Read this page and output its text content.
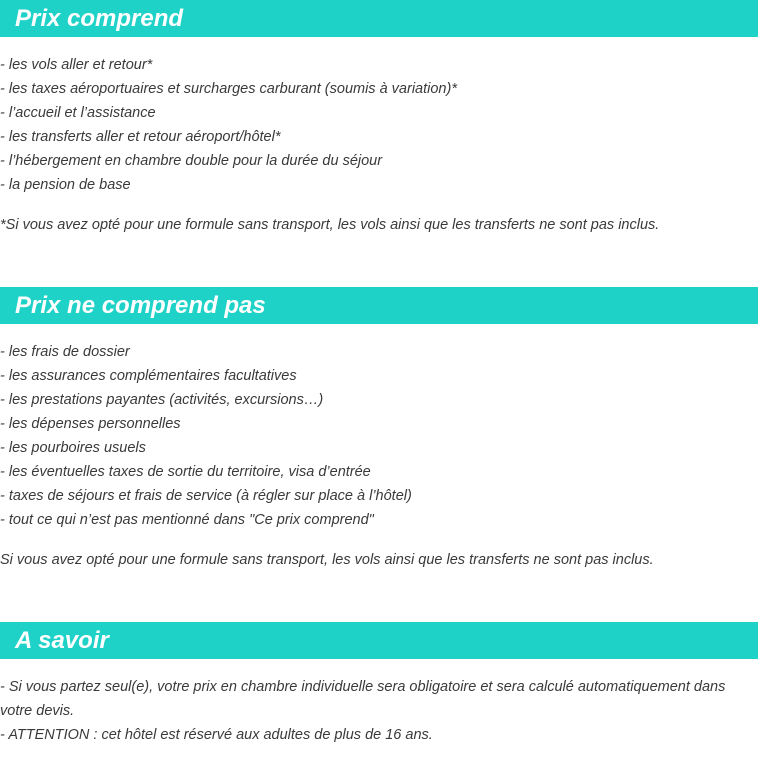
Prix comprend
- les vols aller et retour*
- les taxes aéroportuaires et surcharges carburant (soumis à variation)*
- l’accueil et l’assistance
- les transferts aller et retour aéroport/hôtel*
- l’hébergement en chambre double pour la durée du séjour
- la pension de base

*Si vous avez opté pour une formule sans transport, les vols ainsi que les transferts ne sont pas inclus.

Prix ne comprend pas
- les frais de dossier
- les assurances complémentaires facultatives
- les prestations payantes (activités, excursions…)
- les dépenses personnelles
- les pourboires usuels
- les éventuelles taxes de sortie du territoire, visa d’entrée
- taxes de séjours et frais de service (à régler sur place à l’hôtel)
- tout ce qui n’est pas mentionné dans "Ce prix comprend"

Si vous avez opté pour une formule sans transport, les vols ainsi que les transferts ne sont pas inclus.

A savoir
- Si vous partez seul(e), votre prix en chambre individuelle sera obligatoire et sera calculé automatiquement dans votre devis.
- ATTENTION : cet hôtel est réservé aux adultes de plus de 16 ans.
